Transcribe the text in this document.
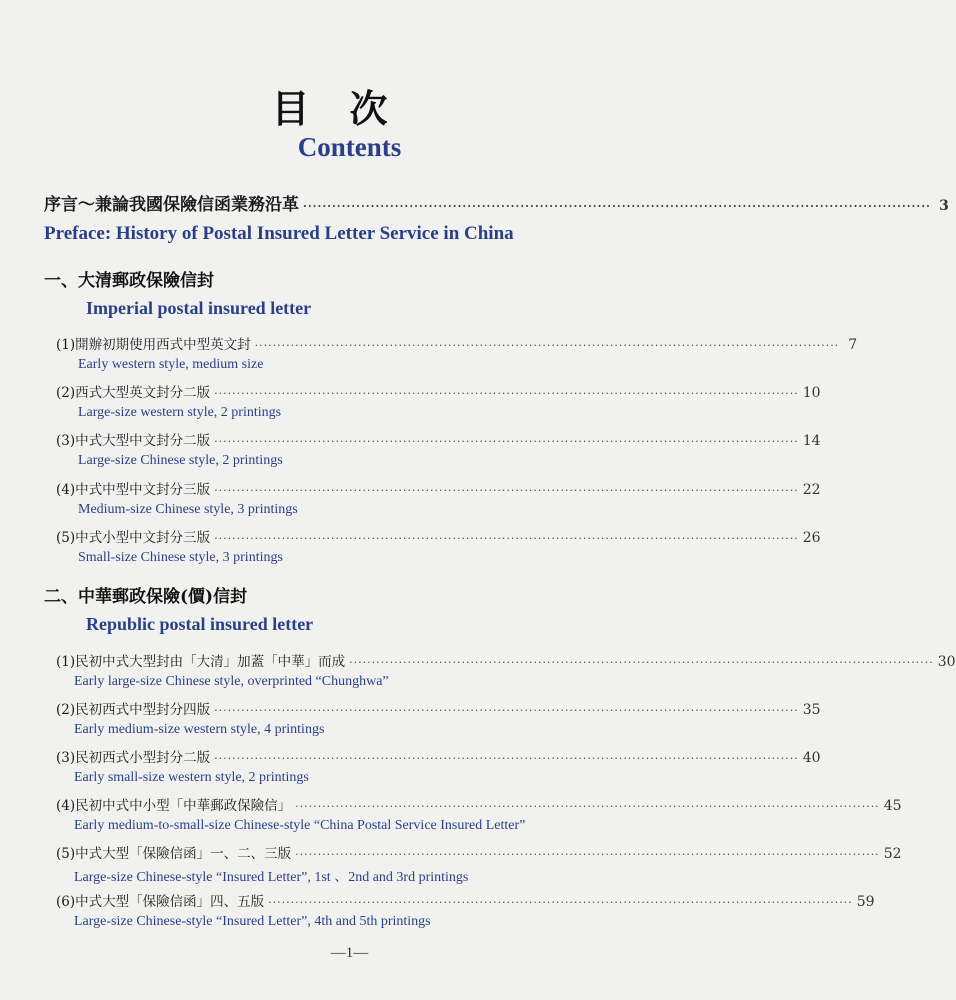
目次
Contents
序言～兼論我國保險信函業務沿革 ·································································································································· 3
Preface: History of Postal Insured Letter Service in China
一、大清郵政保險信封
Imperial postal insured letter
(1)開辦初期使用西式中型英文封 ·································································································································· 7
Early western style, medium size
(2)西式大型英文封分二版 ·································································································································· 10
Large-size western style, 2 printings
(3)中式大型中文封分二版 ·································································································································· 14
Large-size Chinese style, 2 printings
(4)中式中型中文封分三版 ·································································································································· 22
Medium-size Chinese style, 3 printings
(5)中式小型中文封分三版 ·································································································································· 26
Small-size Chinese style, 3 printings
二、中華郵政保險(價)信封
Republic postal insured letter
(1)民初中式大型封由「大清」加蓋「中華」而成 ·································································································································· 30
Early large-size Chinese style, overprinted “Chunghwa”
(2)民初西式中型封分四版 ·································································································································· 35
Early medium-size western style, 4 printings
(3)民初西式小型封分二版 ·································································································································· 40
Early small-size western style, 2 printings
(4)民初中式中小型「中華郵政保險信」 ·································································································································· 45
Early medium-to-small-size Chinese-style “China Postal Service Insured Letter”
(5)中式大型「保險信函」一、二、三版 ·································································································································· 52
Large-size Chinese-style “Insured Letter”, 1st 、2nd and 3rd printings
(6)中式大型「保險信函」四、五版 ·································································································································· 59
Large-size Chinese-style “Insured Letter”, 4th and 5th printings
—1—
